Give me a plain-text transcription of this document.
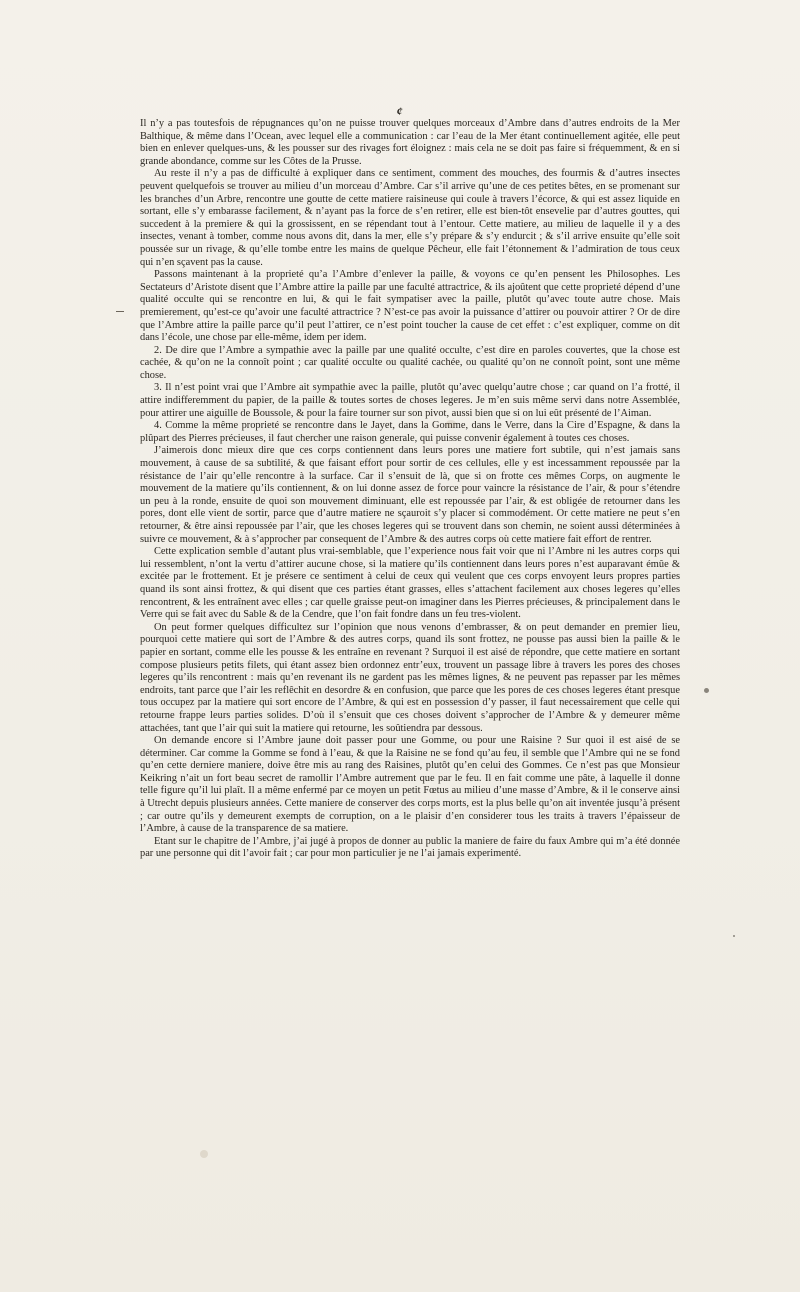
¢

Il n’y a pas toutesfois de répugnances qu’on ne puisse trouver quelques morceaux d’Ambre dans d’autres endroits de la Mer Balthique, & même dans l’Ocean, avec lequel elle a communication : car l’eau de la Mer étant continuellement agitée, elle peut bien en enlever quelques-uns, & les pousser sur des rivages fort éloignez : mais cela ne se doit pas faire si fréquemment, & en si grande abondance, comme sur les Côtes de la Prusse.

Au reste il n’y a pas de difficulté à expliquer dans ce sentiment, comment des mouches, des fourmis & d’autres insectes peuvent quelquefois se trouver au milieu d’un morceau d’Ambre. Car s’il arrive qu’une de ces petites bêtes, en se promenant sur les branches d’un Arbre, rencontre une goutte de cette matiere raisineuse qui coule à travers l’écorce, & qui est assez liquide en sortant, elle s’y embarasse facilement, & n’ayant pas la force de s’en retirer, elle est bien-tôt ensevelie par d’autres gouttes, qui succedent à la premiere & qui la grossissent, en se répendant tout à l’entour. Cette matiere, au milieu de laquelle il y a des insectes, venant à tomber, comme nous avons dit, dans la mer, elle s’y prépare & s’y endurcit ; & s’il arrive ensuite qu’elle soit poussée sur un rivage, & qu’elle tombe entre les mains de quelque Pêcheur, elle fait l’étonnement & l’admiration de tous ceux qui n’en sçavent pas la cause.

Passons maintenant à la proprieté qu’a l’Ambre d’enlever la paille, & voyons ce qu’en pensent les Philosophes. Les Sectateurs d’Aristote disent que l’Ambre attire la paille par une faculté attractrice, & ils ajoûtent que cette proprieté dépend d’une qualité occulte qui se rencontre en lui, & qui le fait sympatiser avec la paille, plutôt qu’avec toute autre chose. Mais premierement, qu’est-ce qu’avoir une faculté attractrice ? N’est-ce pas avoir la puissance d’attirer ou pouvoir attirer ? Or de dire que l’Ambre attire la paille parce qu’il peut l’attirer, ce n’est point toucher la cause de cet effet : c’est expliquer, comme on dit dans l’école, une chose par elle-même, idem per idem.

2. De dire que l’Ambre a sympathie avec la paille par une qualité occulte, c’est dire en paroles couvertes, que la chose est cachée, & qu’on ne la connoît point ; car qualité occulte ou qualité cachée, ou qualité qu’on ne connoît point, sont une même chose.

3. Il n’est point vrai que l’Ambre ait sympathie avec la paille, plutôt qu’avec quelqu’autre chose ; car quand on l’a frotté, il attire indifferemment du papier, de la paille & toutes sortes de choses legeres. Je m’en suis même servi dans notre Assemblée, pour attirer une aiguille de Boussole, & pour la faire tourner sur son pivot, aussi bien que si on lui eût présenté de l’Aiman.

4. Comme la même proprieté se rencontre dans le Jayet, dans la Gomme, dans le Verre, dans la Cire d’Espagne, & dans la plûpart des Pierres précieuses, il faut chercher une raison generale, qui puisse convenir également à toutes ces choses.

J’aimerois donc mieux dire que ces corps contiennent dans leurs pores une matiere fort subtile, qui n’est jamais sans mouvement, à cause de sa subtilité, & que faisant effort pour sortir de ces cellules, elle y est incessamment repoussée par la résistance de l’air qu’elle rencontre à la surface. Car il s’ensuit de là, que si on frotte ces mêmes Corps, on augmente le mouvement de la matiere qu’ils contiennent, & on lui donne assez de force pour vaincre la résistance de l’air, & pour s’étendre un peu à la ronde, ensuite de quoi son mouvement diminuant, elle est repoussée par l’air, & est obligée de retourner dans les pores, dont elle vient de sortir, parce que d’autre matiere ne sçauroit s’y placer si commodément. Or cette matiere ne peut s’en retourner, & être ainsi repoussée par l’air, que les choses legeres qui se trouvent dans son chemin, ne soient aussi déterminées à suivre ce mouvement, & à s’approcher par consequent de l’Ambre & des autres corps où cette matiere fait effort de rentrer.

Cette explication semble d’autant plus vrai-semblable, que l’experience nous fait voir que ni l’Ambre ni les autres corps qui lui ressemblent, n’ont la vertu d’attirer aucune chose, si la matiere qu’ils contiennent dans leurs pores n’est auparavant émûe & excitée par le frottement. Et je présere ce sentiment à celui de ceux qui veulent que ces corps envoyent leurs propres parties quand ils sont ainsi frottez, & qui disent que ces parties étant grasses, elles s’attachent facilement aux choses legeres qu’elles rencontrent, & les entraînent avec elles ; car quelle graisse peut-on imaginer dans les Pierres précieuses, & principalement dans le Verre qui se fait avec du Sable & de la Cendre, que l’on fait fondre dans un feu tres-violent.

On peut former quelques difficultez sur l’opinion que nous venons d’embrasser, & on peut demander en premier lieu, pourquoi cette matiere qui sort de l’Ambre & des autres corps, quand ils sont frottez, ne pousse pas aussi bien la paille & le papier en sortant, comme elle les pousse & les entraîne en revenant ? Surquoi il est aisé de répondre, que cette matiere en sortant compose plusieurs petits filets, qui étant assez bien ordonnez entr’eux, trouvent un passage libre à travers les pores des choses legeres qu’ils rencontrent : mais qu’en revenant ils ne gardent pas les mêmes lignes, & ne peuvent pas repasser par les mêmes endroits, tant parce que l’air les reflêchit en desordre & en confusion, que parce que les pores de ces choses legeres étant presque tous occupez par la matiere qui sort encore de l’Ambre, & qui est en possession d’y passer, il faut necessairement que celle qui retourne frappe leurs parties solides. D’où il s’ensuit que ces choses doivent s’approcher de l’Ambre & y demeurer même attachées, tant que l’air qui suit la matiere qui retourne, les soûtiendra par dessous.

On demande encore si l’Ambre jaune doit passer pour une Gomme, ou pour une Raisine ? Sur quoi il est aisé de se déterminer. Car comme la Gomme se fond à l’eau, & que la Raisine ne se fond qu’au feu, il semble que l’Ambre qui ne se fond qu’en cette derniere maniere, doive être mis au rang des Raisines, plutôt qu’en celui des Gommes. Ce n’est pas que Monsieur Keikring n’ait un fort beau secret de ramollir l’Ambre autrement que par le feu. Il en fait comme une pâte, à laquelle il donne telle figure qu’il lui plaît. Il a même enfermé par ce moyen un petit Fœtus au milieu d’une masse d’Ambre, & il le conserve ainsi à Utrecht depuis plusieurs années. Cette maniere de conserver des corps morts, est la plus belle qu’on ait inventée jusqu’à présent ; car outre qu’ils y demeurent exempts de corruption, on a le plaisir d’en considerer tous les traits à travers l’épaisseur de l’Ambre, à cause de la transparence de sa matiere.

Etant sur le chapitre de l’Ambre, j’ai jugé à propos de donner au public la maniere de faire du faux Ambre qui m’a été donnée par une personne qui dit l’avoir fait ; car pour mon particulier je ne l’ai jamais experimenté.
